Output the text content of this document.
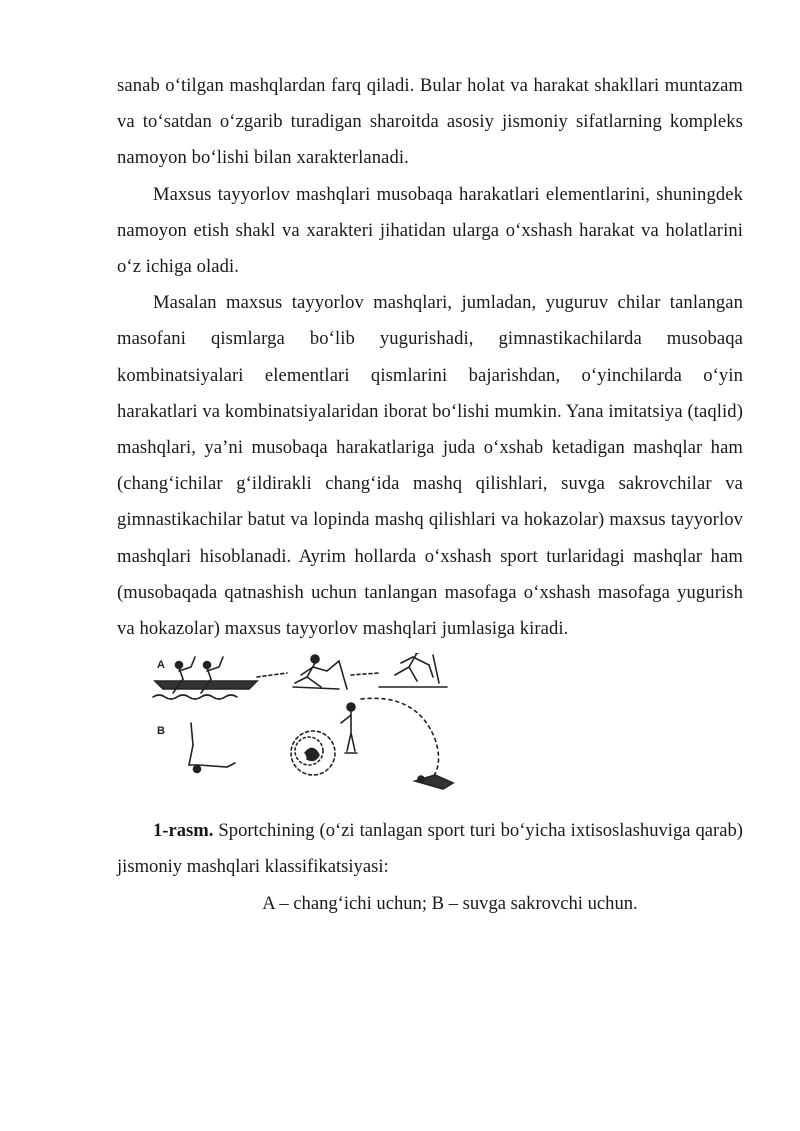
sanab o‘tilgan mashqlardan farq qiladi. Bular holat va harakat shakllari muntazam va to‘satdan o‘zgarib turadigan sharoitda asosiy jismoniy sifatlarning kompleks namoyon bo‘lishi bilan xarakterlanadi.

Maxsus tayyorlov mashqlari musobaqa harakatlari elementlarini, shuningdek namoyon etish shakl va xarakteri jihatidan ularga o‘xshash harakat va holatlarini o‘z ichiga oladi.

Masalan maxsus tayyorlov mashqlari, jumladan, yuguruv chilar tanlangan masofani qismlarga bo‘lib yugurishadi, gimnastikachilarda musobaqa kombinatsiyalari elementlari qismlarini bajarishdan, o‘yinchilarda o‘yin harakatlari va kombinatsiyalaridan iborat bo‘lishi mumkin. Yana imitatsiya (taqlid) mashqlari, ya’ni musobaqa harakatlariga juda o‘xshab ketadigan mashqlar ham (chang‘ichilar g‘ildirakli chang‘ida mashq qilishlari, suvga sakrovchilar va gimnastikachilar batut va lopinda mashq qilishlari va hokazolar) maxsus tayyorlov mashqlari hisoblanadi. Ayrim hollarda o‘xshash sport turlaridagi mashqlar ham (musobaqada qatnashish uchun tanlangan masofaga o‘xshash masofaga yugurish va hokazolar) maxsus tayyorlov mashqlari jumlasiga kiradi.

A
B

1-rasm. Sportchining (o‘zi tanlagan sport turi bo‘yicha ixtisoslashuviga qarab) jismoniy mashqlari klassifikatsiyasi:

A – chang‘ichi uchun; B – suvga sakrovchi uchun.
